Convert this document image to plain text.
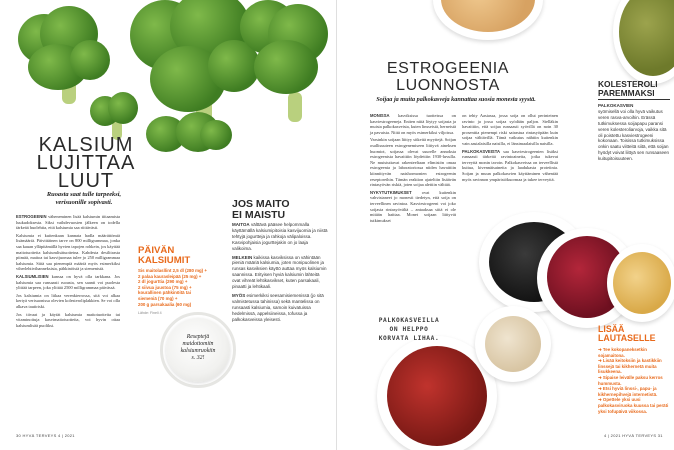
KALSIUM
LUJITTAA
LUUT
Ruoasta saat tulle tarpeeksi,
verisuonille sopivasti.

ESTROGEENIN väheneminen lisää kalsiumin tiitaamista luukudoksesta. Siksi vaihdevuosien jälkeen on todella tärkeää huolehtia, että kalsiumia saa riittävästi.

Kalsiumia ei kuitenkaan kannata hadla määrättömiä lisämääriä. Päivittäinen tarve on 800 milligrammaa, jonka saa kauan ylläpitämällä hyvien tapojen rohkein, jos käyttää maitotuotteita kalsiumlisätuotteina. Kahdesta desilitrasta piimää, maitoa tai kasvijuomaa tulee jo 250 milligrammaa kalsiumia. Siitä saa pienempiä määriä myös esimerkiksi viherlehtivihanneksista, pähkinöistä ja siemenistä.

KALSIUMLISIEN kanssa on hyvä olla tarkkana. Jos kalsiumia saa runsaasti ruoasta, sen saanti voi puolesta ylittää tarpeen, joka ylittää 2500 milligrammaa päivässä.

Jos kalsiumia on liikaa verenkierrossa, sitä voi alkaa kertyä verisuonissa olevien kolesteroliplakkien. Se voi olla alkava tautiriski.

Jos tiivaat ja käytät kalsiumia maitotuotteita tai vitaminoituja kasvimaitotuotteita, voi hyvin ottaa kalsiumlisää puoliksi.

PÄIVÄN
KALSIUMIT
Sis maitolasllint 2,5 dl (280 mg) +
2 palaa kaurasleipää (25 mg) +
2 dl jogurttia (290 mg) +
2 siivua juustoa (75 mg) +
kourallinen pähkinöitä tai
siemeniä (70 mg) +
200 g parsakaalia (60 mg)
Lähde: Fineli 4
JOS MAITO
EI MAISTU

MAITOA välttävä pääsee helpommalla käyttämällä kalsiumipitoisia kasvijuomia ja niistä tehtyjä jogurtteja ja rahkoja välipaloissa. Kasvipohjaisia jogurttejakin on jo laaja valikoima.

MELKEIN kaikissa kasviksissa on vähintään pieniä määriä kalsiumia, joten monipuolinen ja runsas kasviksien käyttö auttaa myös kalsiumin saannissa. Erityisen hyviä kalsiumin lähteitä ovat vihreät lehtikasvikset, kuten parsakaali, pinaatti ja lehtikaali.

MYÖS esimerkiksi seesamisiemenissä (jo sitä valmistetussa tahinissa) sekä mantelissa on runsaasti kalsiumia, samoin kuivatuissa hedelmissä, appelsiineissa, tofussa ja palkokasveissa yleisesti.

Reseptejä
maidottomiin
kalsiumruokiin
s. 32!
30 HYVÄ TERVEYS 4 | 2021
ESTROGEENIA
LUONNOSTA
Soijaa ja muita palkokasveja kannattaa suosia monesta syystä.

MONISSA kasviksissa tuotteissa on kasviestrogeeneja. Eniten niitä löytyy soijasta ja muista palkokasveista, kuten linsseistä, herneistä ja pavuista. Niitä on myös esimerkiksi viljoissa.

Varsinkin soijaan liittyy sitkeitä myyttejä. Soijan osallisuuteen estrogenemiseen liittyvä aineksen huomiot, soijassa olevat suurelle annoksia estrogeenista havaittiin löydettiin 1930-luvulla. Ne muistuttavat rakenteeltaan elimistön omaa estrogeenia ja laboratoriossa niiden havaittiin kiinnittyvän naishormonien estrogeenin reseptoreihin. Tämän reaktion ajateltiin lisäävän rintasyövän riskiä, joten soijaa alettiin välttää.

NYKYTUTKIMUKSET ovat kuitenkin vahvistaneet jo monesti tiedetyn, että soija on terveellinen ravintoa. Kasviestrogeeni voi joko soijasta rintasyövältä – antaaksaa siitä ei ole mitään haittaa. Monet soijaan liittyvät tutkimukset

on tehty Aasiassa, jossa soija on ollut perinteinen ravinto ja jossa soijaa syödään paljon. Sielläkin havaittiin, että soijaa runsaasti syövillä on noin 30 prosenttia pienempi riski sairastua rintasyöpään kuin soijaa välttävillä. Tämä vaikutus nähtiin kuitenkin vain aasialaisilla naisilla, ei länsimaalaisilla naisilla.

PALKOKASVEISTA saa kasviestrogeenien lisäksi runsaasti tärkeitä ravintoaineita, jotka tukevat terveyttä monin tavoin. Palkokasveissa on terveellistä kuitua, kivennäisaineita ja laadukasta proteiinia. Soijan ja muun palkokasvien käyttäminen vähentää myös ravinnon ympäristökuormaa ja tukee terveyttä.

KOLESTEROLI
PAREMMAKSI
PALKOKASVIEN
syömisellä voi olla hyvä vaikutus veren rasva-arvoihin. Erässä tutkimuksessa soijapapu paransi veren kolesteroliarvoja, vaikka sitä oli poistettu kasviestrogeeni kokonaan. Toisissa tutkimuksissa onkin saatu viitteitä siitä, että soijan hyödyt voivat liittyä sen runsaaseen kuitupitoisuuteen.
PALKOKASVEILLA
ON HELPPO
KORVATA LIHAA.
LISÄÄ
LAUTASELLE
➜ Tee kokopaneksetkin sojamaitona.
➜ Lisää keitoksiin ja kastikkiin linssejä tai kikhernetä muita lisukkeena.
➜ Sipaise leivälle paksu kerros hummusta.
➜ Etsi hyviä linssi-, papu- ja kikhernepihvejä internetistä.
➜ Opettele yksi uusi palkokasviruoka kuussa tai peräti yksi tofupäivä viikossa.
4 | 2021 HYVÄ TERVEYS 31
